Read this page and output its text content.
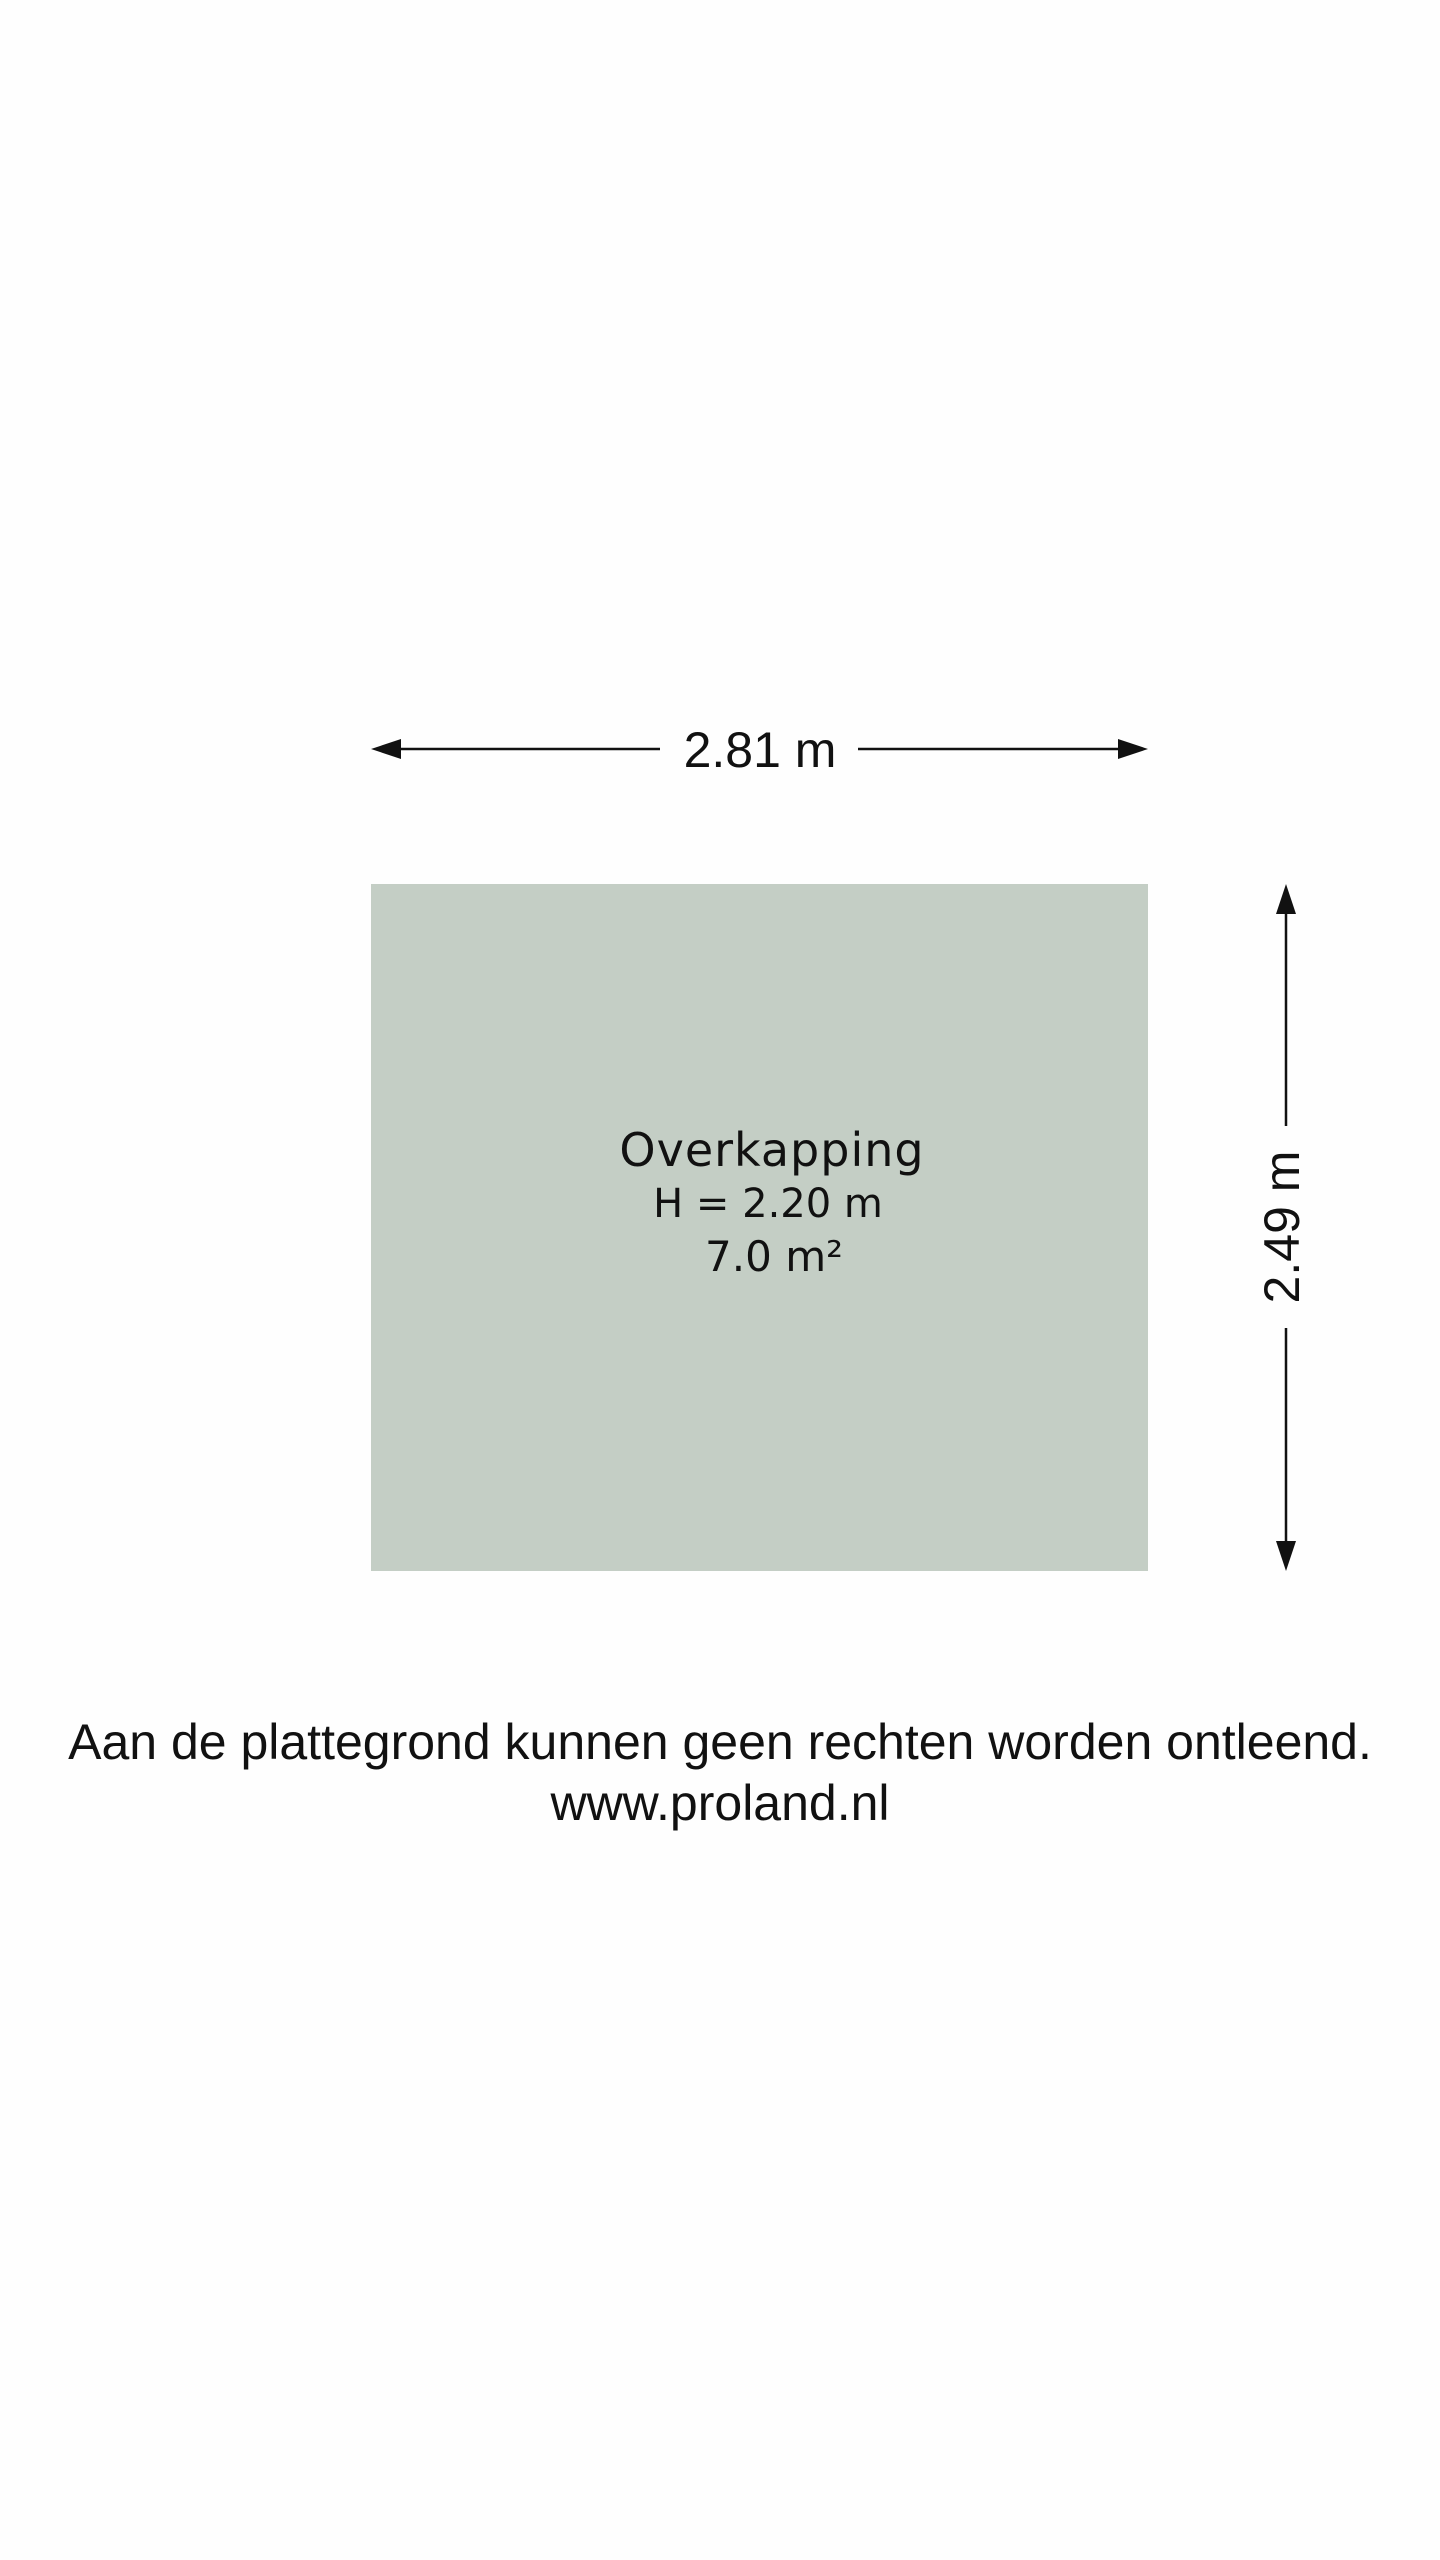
2.81 m
Overkapping
H = 2.20 m
7.0 m²	2.49 m
Aan de plattegrond kunnen geen rechten worden ontleend.
www.proland.nl
